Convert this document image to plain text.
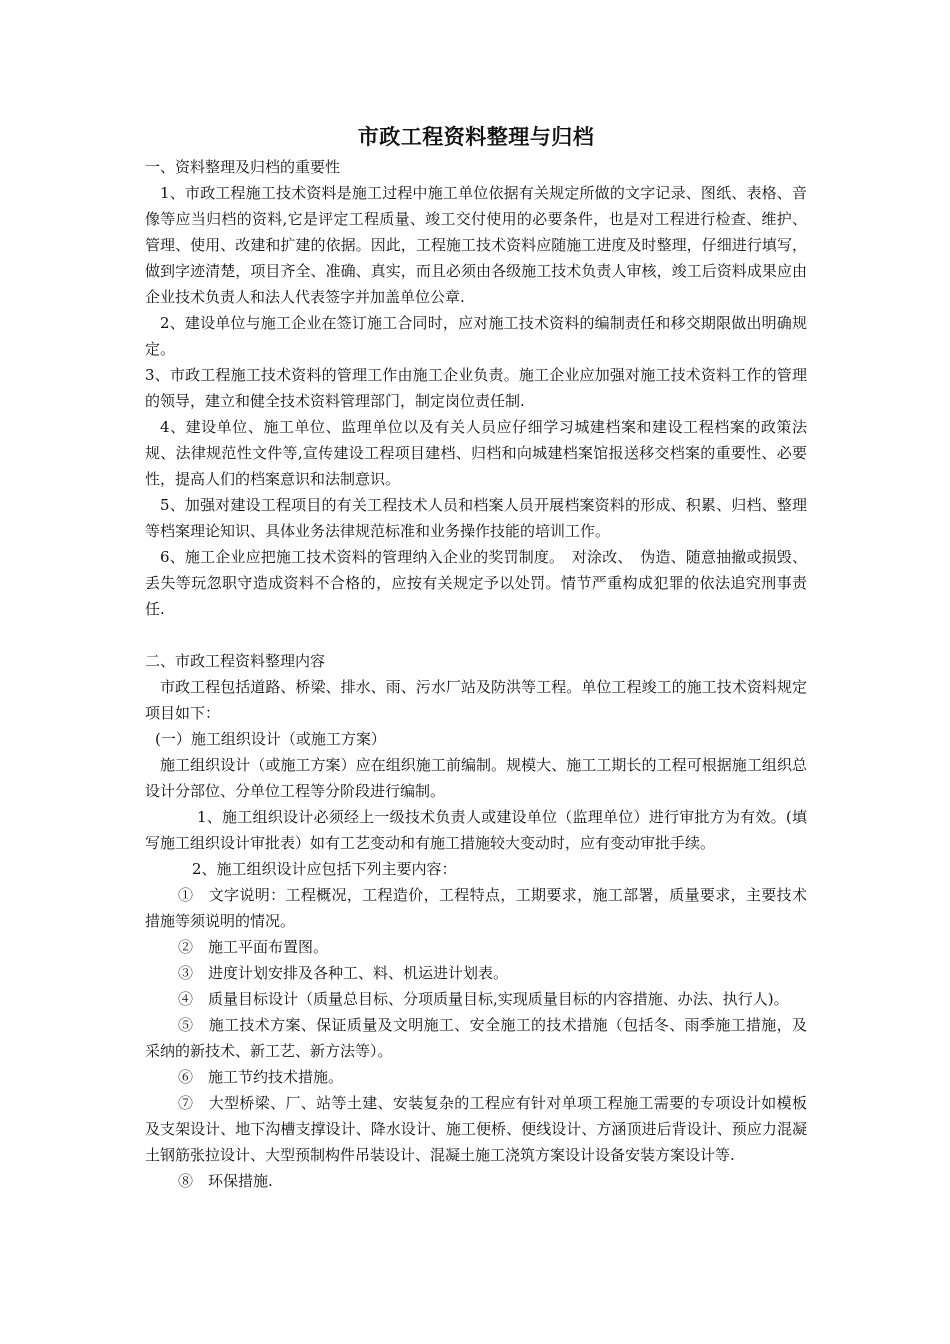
市政工程资料整理与归档

一、资料整理及归档的重要性

1、市政工程施工技术资料是施工过程中施工单位依据有关规定所做的文字记录、图纸、表格、音像等应当归档的资料,它是评定工程质量、竣工交付使用的必要条件，也是对工程进行检查、维护、管理、使用、改建和扩建的依据。因此，工程施工技术资料应随施工进度及时整理，仔细进行填写，做到字迹清楚，项目齐全、准确、真实，而且必须由各级施工技术负责人审核，竣工后资料成果应由企业技术负责人和法人代表签字并加盖单位公章.

2、建设单位与施工企业在签订施工合同时，应对施工技术资料的编制责任和移交期限做出明确规定。

3、市政工程施工技术资料的管理工作由施工企业负责。施工企业应加强对施工技术资料工作的管理的领导，建立和健全技术资料管理部门，制定岗位责任制.

4、建设单位、施工单位、监理单位以及有关人员应仔细学习城建档案和建设工程档案的政策法规、法律规范性文件等,宣传建设工程项目建档、归档和向城建档案馆报送移交档案的重要性、必要性，提高人们的档案意识和法制意识。

5、加强对建设工程项目的有关工程技术人员和档案人员开展档案资料的形成、积累、归档、整理等档案理论知识、具体业务法律规范标准和业务操作技能的培训工作。

6、施工企业应把施工技术资料的管理纳入企业的奖罚制度。　对涂改、　伪造、随意抽撤或损毁、丢失等玩忽职守造成资料不合格的，应按有关规定予以处罚。情节严重构成犯罪的依法追究刑事责任.

二、市政工程资料整理内容

市政工程包括道路、桥梁、排水、雨、污水厂站及防洪等工程。单位工程竣工的施工技术资料规定项目如下：

(一）施工组织设计（或施工方案）

施工组织设计（或施工方案）应在组织施工前编制。规模大、施工工期长的工程可根据施工组织总设计分部位、分单位工程等分阶段进行编制。

1、施工组织设计必须经上一级技术负责人或建设单位（监理单位）进行审批方为有效。(填写施工组织设计审批表）如有工艺变动和有施工措施较大变动时，应有变动审批手续。

2、施工组织设计应包括下列主要内容：

①　文字说明：工程概况，工程造价，工程特点，工期要求，施工部署，质量要求，主要技术措施等须说明的情况。

②　施工平面布置图。

③　进度计划安排及各种工、料、机运进计划表。

④　质量目标设计（质量总目标、分项质量目标,实现质量目标的内容措施、办法、执行人)。

⑤　施工技术方案、保证质量及文明施工、安全施工的技术措施（包括冬、雨季施工措施，及采纳的新技术、新工艺、新方法等）。

⑥　施工节约技术措施。

⑦　大型桥梁、厂、站等土建、安装复杂的工程应有针对单项工程施工需要的专项设计如模板及支架设计、地下沟槽支撑设计、降水设计、施工便桥、便线设计、方涵顶进后背设计、预应力混凝土钢筋张拉设计、大型预制构件吊装设计、混凝土施工浇筑方案设计设备安装方案设计等.

⑧　环保措施.
